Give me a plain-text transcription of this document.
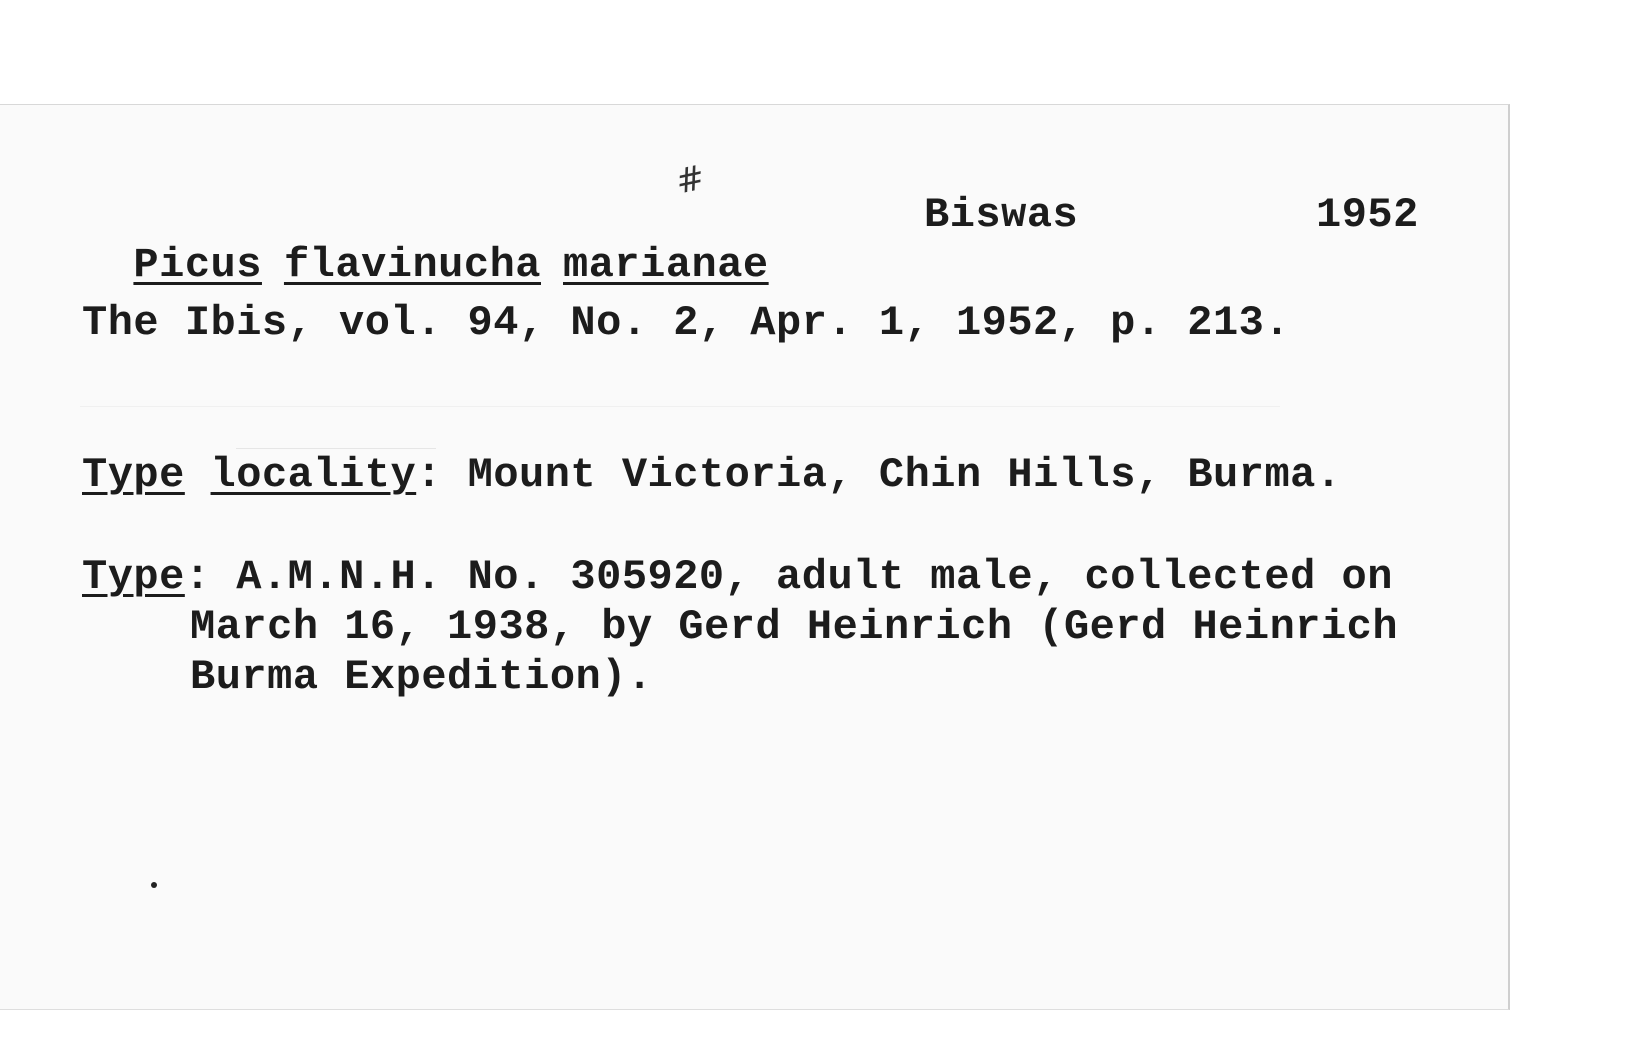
Picus flavinucha marianae

#
Biswas	1952
The Ibis, vol. 94, No. 2, Apr. 1, 1952, p. 213.
Type locality: Mount Victoria, Chin Hills, Burma.
Type: A.M.N.H. No. 305920, adult male, collected on
March 16, 1938, by Gerd Heinrich (Gerd Heinrich
Burma Expedition).
